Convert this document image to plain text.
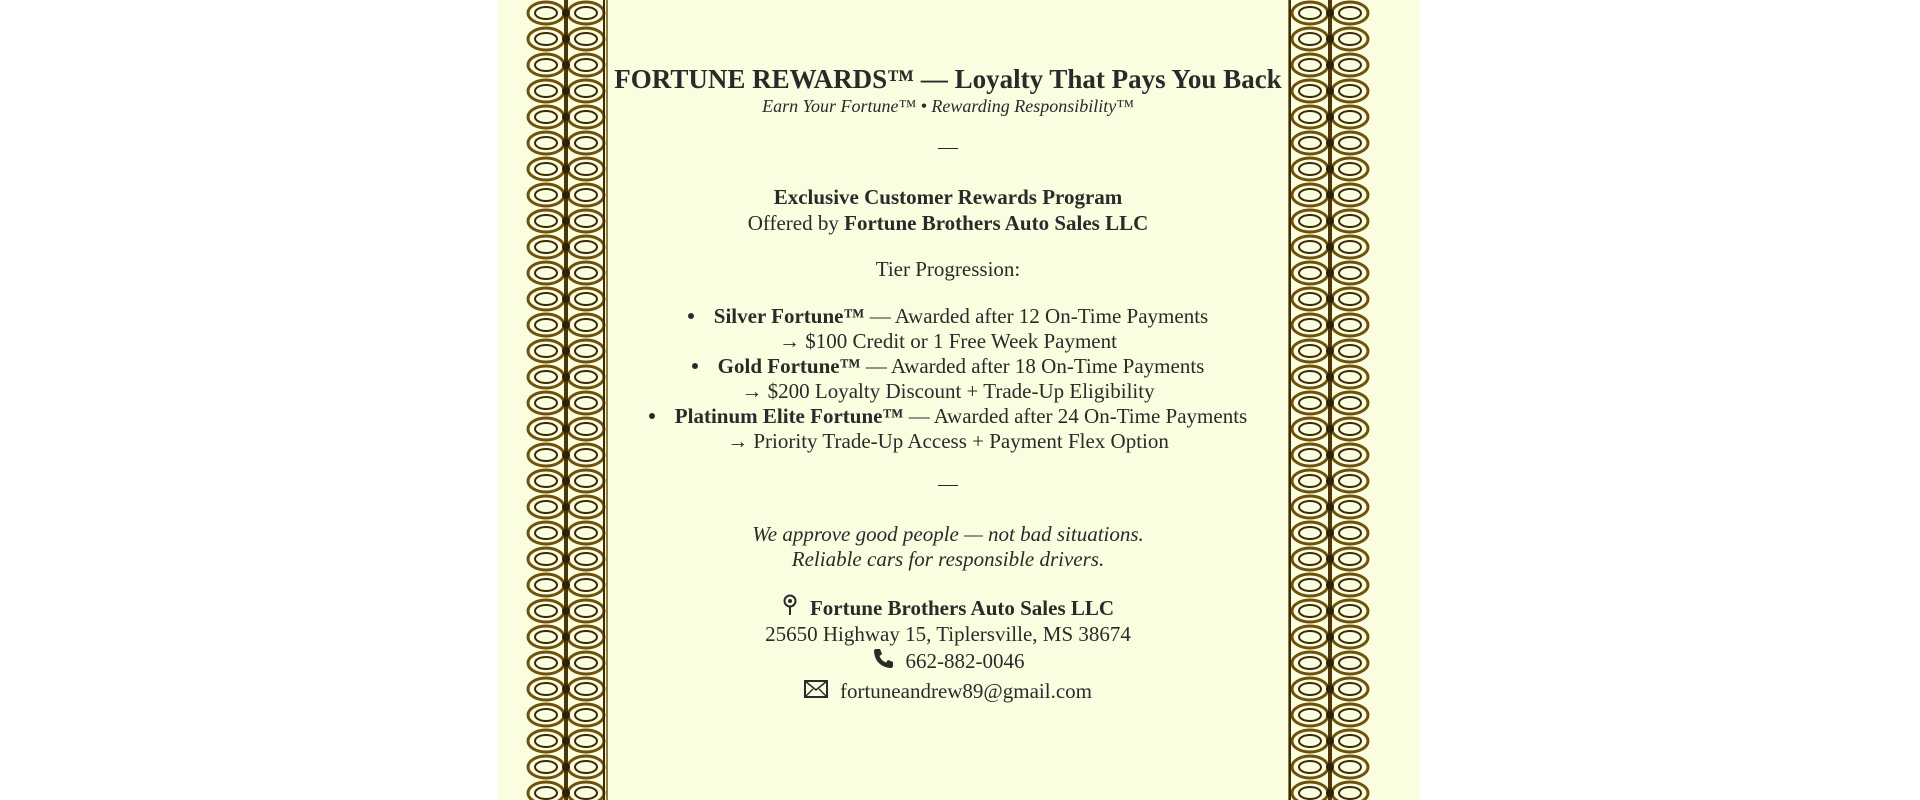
FORTUNE REWARDS™ — Loyalty That Pays You Back
Earn Your Fortune™ • Rewarding Responsibility™
—
Exclusive Customer Rewards Program
Offered by Fortune Brothers Auto Sales LLC
Tier Progression:
Silver Fortune™ — Awarded after 12 On-Time Payments
→ $100 Credit or 1 Free Week Payment
Gold Fortune™ — Awarded after 18 On-Time Payments
→ $200 Loyalty Discount + Trade-Up Eligibility
Platinum Elite Fortune™ — Awarded after 24 On-Time Payments
→ Priority Trade-Up Access + Payment Flex Option
—
We approve good people — not bad situations.
Reliable cars for responsible drivers.
Fortune Brothers Auto Sales LLC
25650 Highway 15, Tiplersville, MS 38674
662-882-0046
fortuneandrew89@gmail.com
